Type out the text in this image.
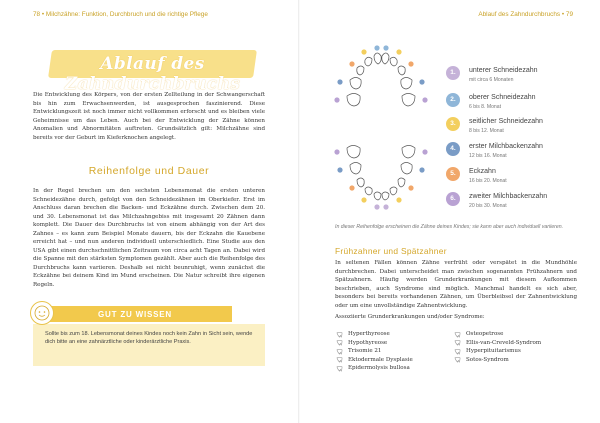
78 • Milchzähne: Funktion, Durchbruch und die richtige Pflege
Ablauf des Zahndurchbruchs
Die Entwicklung des Körpers, von der ersten Zellteilung in der Schwangerschaft bis hin zum Erwachsenwerden, ist ausgesprochen faszinierend. Diese Entwicklungszeit ist noch immer nicht vollkommen erforscht und es bleiben viele Geheimnisse um das Leben. Auch bei der Entwicklung der Zähne können Anomalien und Abnormitäten auftreten. Grundsätzlich gilt: Milchzähne sind bereits vor der Geburt im Kieferknochen angelegt.
Reihenfolge und Dauer
In der Regel brechen um den sechsten Lebensmonat die ersten unteren Schneidezähne durch, gefolgt von den Schneidezähnen im Oberkiefer. Erst im Anschluss daran brechen die Backen- und Eckzähne durch. Zwischen dem 20. und 30. Lebensmonat ist das Milchzahngebiss mit insgesamt 20 Zähnen dann komplett. Die Dauer des Durchbruchs ist von einem abhängig von der Art des Zahnes – es kann zum Beispiel Monate dauern, bis der Eckzahn die Kauebene erreicht hat – und nun anderen individuell unterschiedlich. Eine Studie aus den USA gibt einen durchschnittlichen Zeitraum von circa acht Tagen an. Dabei wird die Spanne mit den stärksten Symptomen gezählt. Aber auch die Reihenfolge des Durchbruchs kann variieren. Deshalb sei nicht beunruhigt, wenn zunächst die Eckzähne bei deinem Kind im Mund erscheinen. Die Natur schreibt ihre eigenen Regeln.
GUT ZU WISSEN
Sollte bis zum 18. Lebensmonat deines Kindes noch kein Zahn in Sicht sein, wende dich bitte an eine zahnärztliche oder kinderärztliche Praxis.
Ablauf des Zahndurchbruchs • 79
1.	unterer Schneidezahn
mit circa 6 Monaten
2.	oberer Schneidezahn
6 bis 8. Monat
3.	seitlicher Schneidezahn
8 bis 12. Monat
4.	erster Milchbackenzahn
12 bis 16. Monat
5.	Eckzahn
16 bis 20. Monat
6.	zweiter Milchbackenzahn
20 bis 30. Monat
In dieser Reihenfolge erscheinen die Zähne deines Kindes; sie kann aber auch individuell variieren.
Frühzahner und Spätzahner
In seltenen Fällen können Zähne verfrüht oder verspätet in die Mundhöhle durchbrechen. Dabei unterscheidet man zwischen sogenannten Frühzahnern und Spätzahnern. Häufig werden Grunderkrankungen mit diesem Aufkommen beschrieben, auch Syndrome sind möglich. Manchmal handelt es sich aber, besonders bei bereits vorhandenen Zähnen, um Überbleibsel der Zahnentwicklung oder um eine unvollständige Zahnentwicklung.
Assoziierte Grunderkrankungen und/oder Syndrome:
Hyperthyreose
Hypothyreose
Trisomie 21
Ektodermale Dysplasie
Epidermolysis bullosa
Osteopetrose
Ellis-van-Creveld-Syndrom
Hyperpituitarismus
Sotos-Syndrom
